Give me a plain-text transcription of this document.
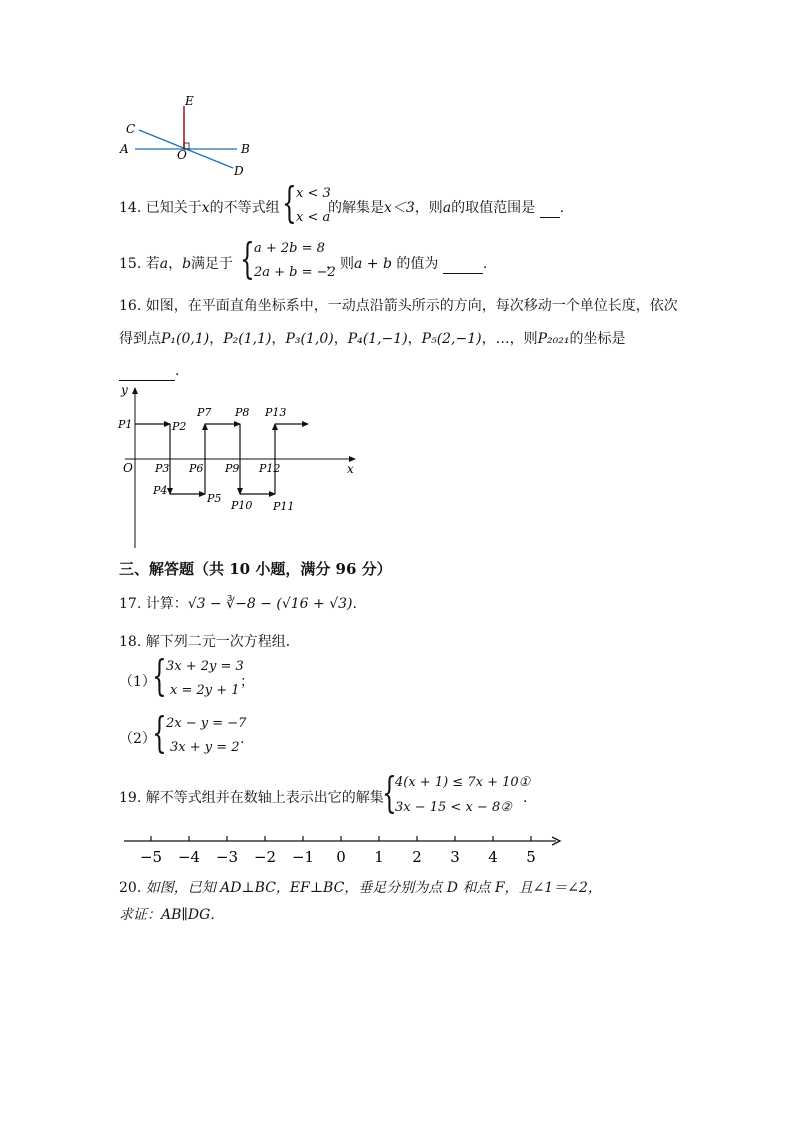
E
C
A	O	B
D
14. 已知关于x的不等式组 { x < 3
x < a
的解集是x＜3，则a的取值范围是 .
15. 若a，b满足于 { a + 2b = 8
2a + b = −2
，则a + b 的值为	.
16. 如图，在平面直角坐标系中，一动点沿箭头所示的方向，每次移动一个单位长度，依次
得到点P₁(0,1)，P₂(1,1)，P₃(1,0)，P₄(1,−1)，P₅(2,−1)，…，则P₂₀₂₁的坐标是
.
y
x
O
P1	P2
P3
P4
P5
P6
P7 P8
P9
P10 P11
P12
P13
三、解答题（共 10 小题，满分 96 分）
17. 计算：√3 − ∛−8 − (√16 + √3).
18. 解下列二元一次方程组．
（1）
{ 3x + 2y = 3
x = 2y + 1
；
（2）
{ 2x − y = −7
3x + y = 2
.
19. 解不等式组并在数轴上表示出它的解集
{
4(x + 1) ≤ 7x + 10①
3x − 15 < x − 8②
.
−5 −4 −3 −2 −1 0 1 2 3 4 5
20. 如图，已知 AD⊥BC，EF⊥BC，垂足分别为点 D 和点 F，且∠1＝∠2，
求证：AB∥DG．
